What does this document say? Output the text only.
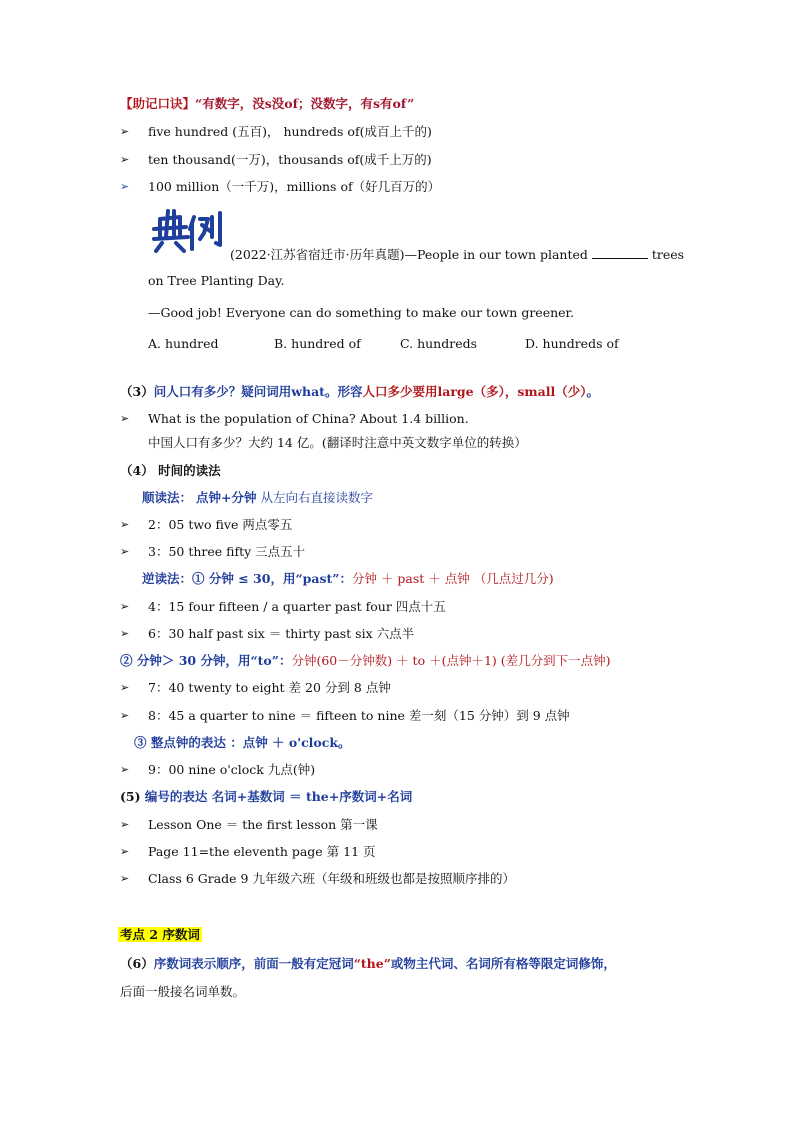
【助记口诀】“有数字，没s没of；没数字，有s有of”
➢ five hundred (五百)， hundreds of(成百上千的)
➢ ten thousand(一万)，thousands of(成千上万的)
➢ 100 million（一千万)，millions of（好几百万的）
(2022·江苏省宿迁市·历年真题)—People in our town planted	trees
on Tree Planting Day.
—Good job! Everyone can do something to make our town greener.
A. hundred	B. hundred of	C. hundreds	D. hundreds of
（3）问人口有多少？疑问词用what。形容人口多少要用large（多），small（少）。
➢ What is the population of China? About 1.4 billion.
中国人口有多少？大约 14 亿。(翻译时注意中英文数字单位的转换）
（4） 时间的读法
顺读法： 点钟+分钟 从左向右直接读数字
➢ 2：05 two five 两点零五
➢ 3：50 three fifty 三点五十
逆读法：① 分钟 ≤ 30，用“past”：分钟 ＋ past ＋ 点钟 （几点过几分)
➢ 4：15 four fifteen / a quarter past four 四点十五
➢ 6：30 half past six ＝ thirty past six 六点半
② 分钟＞ 30 分钟，用“to”：分钟(60－分钟数) ＋ to ＋(点钟＋1) (差几分到下一点钟)
➢ 7：40 twenty to eight 差 20 分到 8 点钟
➢ 8：45 a quarter to nine ＝ fifteen to nine 差一刻（15 分钟）到 9 点钟
③ 整点钟的表达 ：点钟 ＋ o'clock。
➢ 9：00 nine o'clock 九点(钟)
(5) 编号的表达 名词+基数词 ＝ the+序数词+名词
➢ Lesson One ＝ the first lesson 第一课
➢ Page 11=the eleventh page 第 11 页
➢ Class 6 Grade 9 九年级六班（年级和班级也都是按照顺序排的）
考点 2 序数词
（6）序数词表示顺序，前面一般有定冠词“the”或物主代词、名词所有格等限定词修饰，
后面一般接名词单数。
